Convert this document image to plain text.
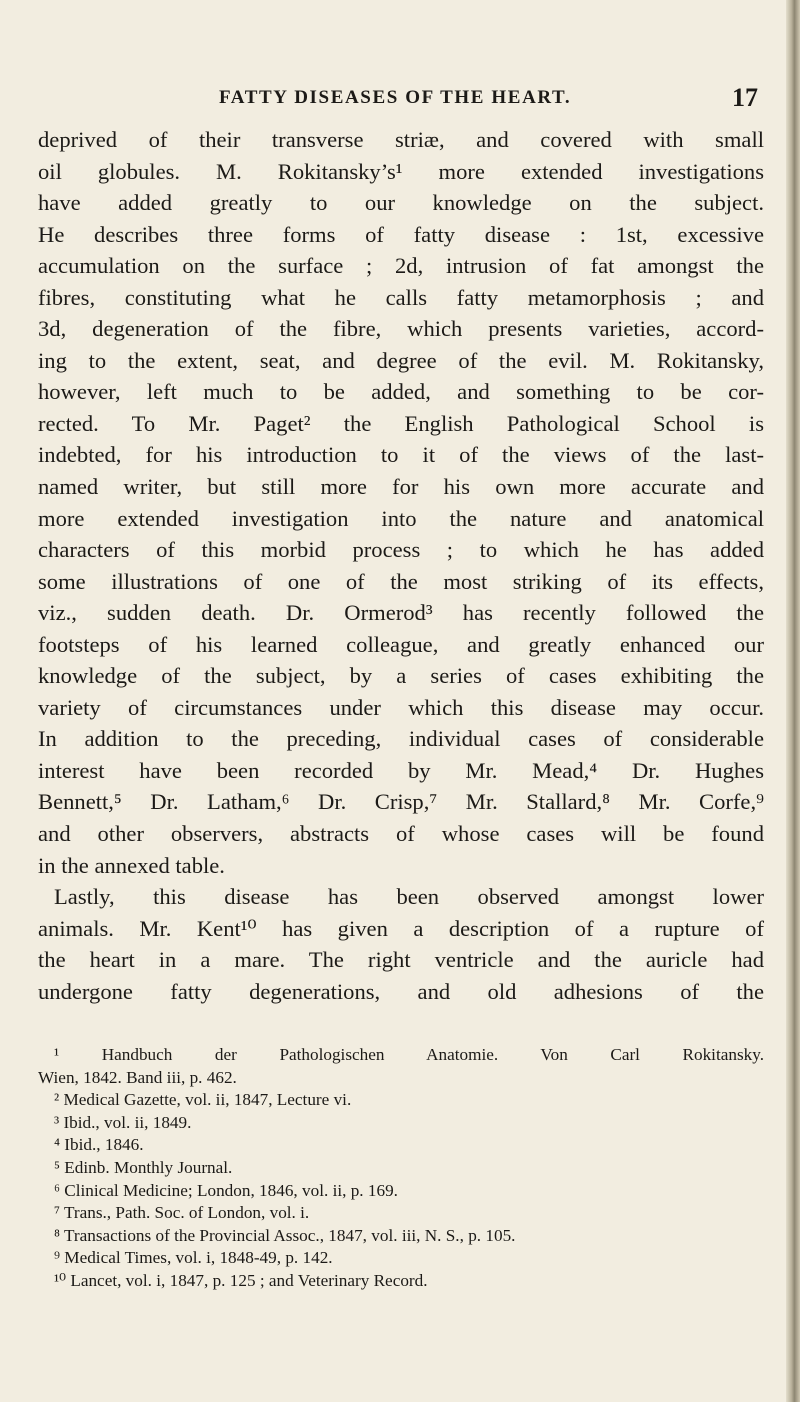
FATTY DISEASES OF THE HEART.	17
deprived of their transverse striæ, and covered with small
oil globules. M. Rokitansky’s¹ more extended investigations
have added greatly to our knowledge on the subject.
He describes three forms of fatty disease : 1st, excessive
accumulation on the surface ; 2d, intrusion of fat amongst the
fibres, constituting what he calls fatty metamorphosis ; and
3d, degeneration of the fibre, which presents varieties, accord-
ing to the extent, seat, and degree of the evil. M. Rokitansky,
however, left much to be added, and something to be cor-
rected. To Mr. Paget² the English Pathological School is
indebted, for his introduction to it of the views of the last-
named writer, but still more for his own more accurate and
more extended investigation into the nature and anatomical
characters of this morbid process ; to which he has added
some illustrations of one of the most striking of its effects,
viz., sudden death. Dr. Ormerod³ has recently followed the
footsteps of his learned colleague, and greatly enhanced our
knowledge of the subject, by a series of cases exhibiting the
variety of circumstances under which this disease may occur.
In addition to the preceding, individual cases of considerable
interest have been recorded by Mr. Mead,⁴ Dr. Hughes
Bennett,⁵ Dr. Latham,⁶ Dr. Crisp,⁷ Mr. Stallard,⁸ Mr. Corfe,⁹
and other observers, abstracts of whose cases will be found
in the annexed table.
Lastly, this disease has been observed amongst lower
animals. Mr. Kent¹⁰ has given a description of a rupture of
the heart in a mare. The right ventricle and the auricle had
undergone fatty degenerations, and old adhesions of the
¹ Handbuch der Pathologischen Anatomie. Von Carl Rokitansky.
Wien, 1842. Band iii, p. 462.
² Medical Gazette, vol. ii, 1847, Lecture vi.
³ Ibid., vol. ii, 1849.
⁴ Ibid., 1846.
⁵ Edinb. Monthly Journal.
⁶ Clinical Medicine; London, 1846, vol. ii, p. 169.
⁷ Trans., Path. Soc. of London, vol. i.
⁸ Transactions of the Provincial Assoc., 1847, vol. iii, N. S., p. 105.
⁹ Medical Times, vol. i, 1848-49, p. 142.
¹⁰ Lancet, vol. i, 1847, p. 125 ; and Veterinary Record.
